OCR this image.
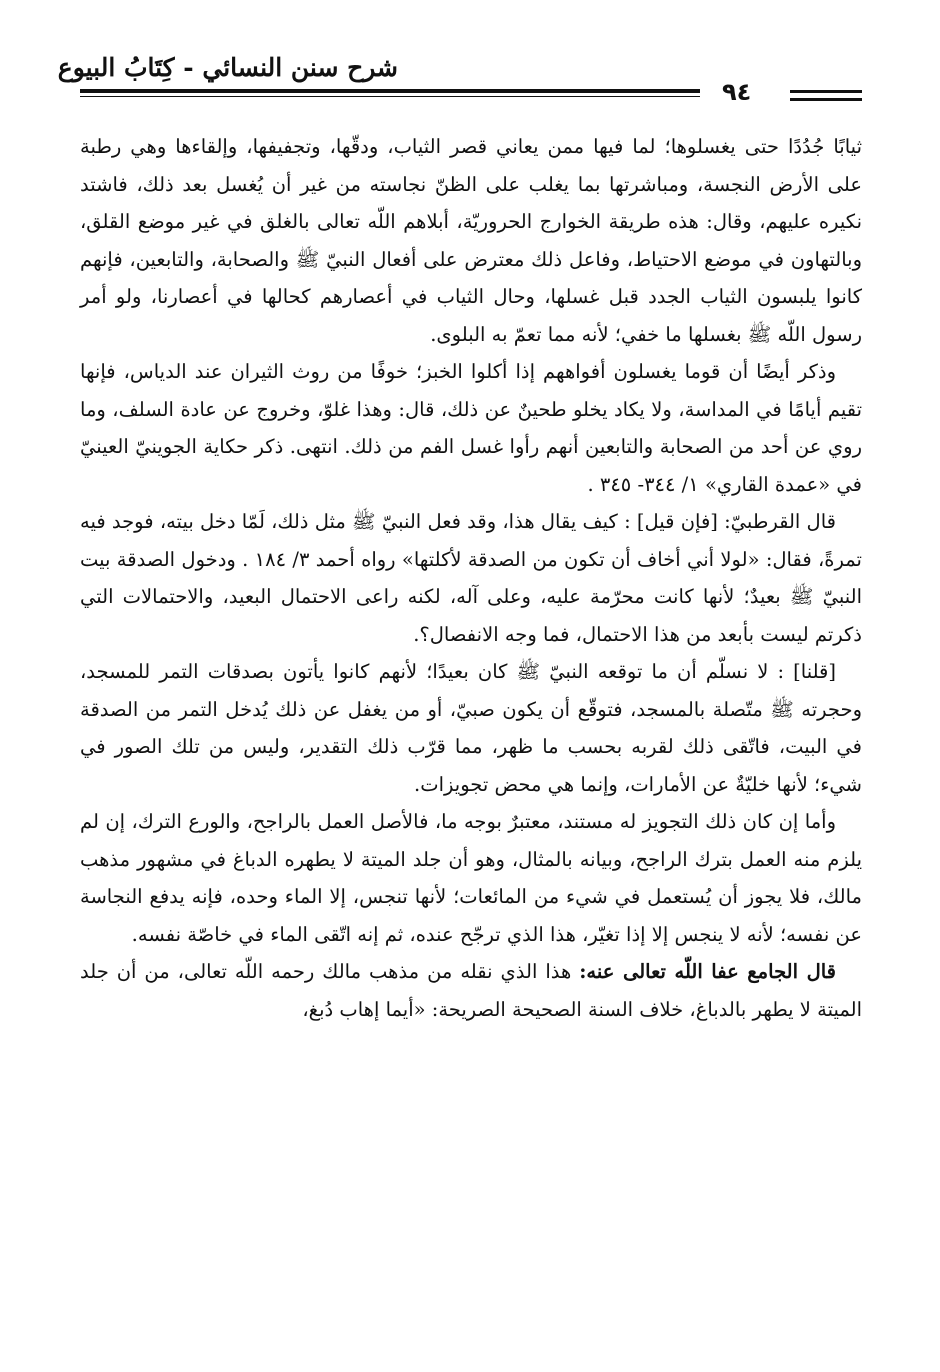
شرح سنن النسائي - كِتَابُ البيوع
٩٤

ثيابًا جُدُدًا حتى يغسلوها؛ لما فيها ممن يعاني قصر الثياب، ودقّها، وتجفيفها، وإلقاءها وهي رطبة على الأرض النجسة، ومباشرتها بما يغلب على الظنّ نجاسته من غير أن يُغسل بعد ذلك، فاشتد نكيره عليهم، وقال: هذه طريقة الخوارج الحروريّة، أبلاهم اللّه تعالى بالغلق في غير موضع القلق، وبالتهاون في موضع الاحتياط، وفاعل ذلك معترض على أفعال النبيّ ﷺ والصحابة، والتابعين، فإنهم كانوا يلبسون الثياب الجدد قبل غسلها، وحال الثياب في أعصارهم كحالها في أعصارنا، ولو أمر رسول اللّه ﷺ بغسلها ما خفي؛ لأنه مما تعمّ به البلوى.

وذكر أيضًا أن قوما يغسلون أفواههم إذا أكلوا الخبز؛ خوفًا من روث الثيران عند الدياس، فإنها تقيم أيامًا في المداسة، ولا يكاد يخلو طحينٌ عن ذلك، قال: وهذا غلوّ، وخروج عن عادة السلف، وما روي عن أحد من الصحابة والتابعين أنهم رأوا غسل الفم من ذلك. انتهى. ذكر حكاية الجوينيّ العينيّ في «عمدة القاري» ١/ ٣٤٤- ٣٤٥ .

قال القرطبيّ: [فإن قيل] : كيف يقال هذا، وقد فعل النبيّ ﷺ مثل ذلك، لَمّا دخل بيته، فوجد فيه تمرةً، فقال: «لولا أني أخاف أن تكون من الصدقة لأكلتها» رواه أحمد ٣/ ١٨٤ . ودخول الصدقة بيت النبيّ ﷺ بعيدٌ؛ لأنها كانت محرّمة عليه، وعلى آله، لكنه راعى الاحتمال البعيد، والاحتمالات التي ذكرتم ليست بأبعد من هذا الاحتمال، فما وجه الانفصال؟.

[قلنا] : لا نسلّم أن ما توقعه النبيّ ﷺ كان بعيدًا؛ لأنهم كانوا يأتون بصدقات التمر للمسجد، وحجرته ﷺ متّصلة بالمسجد، فتوقّع أن يكون صبيّ، أو من يغفل عن ذلك يُدخل التمر من الصدقة في البيت، فاتّقى ذلك لقربه بحسب ما ظهر، مما قرّب ذلك التقدير، وليس من تلك الصور في شيء؛ لأنها خليّةٌ عن الأمارات، وإنما هي محض تجويزات.

وأما إن كان ذلك التجويز له مستند، معتبرٌ بوجه ما، فالأصل العمل بالراجح، والورع الترك، إن لم يلزم منه العمل بترك الراجح، وبيانه بالمثال، وهو أن جلد الميتة لا يطهره الدباغ في مشهور مذهب مالك، فلا يجوز أن يُستعمل في شيء من المائعات؛ لأنها تنجس، إلا الماء وحده، فإنه يدفع النجاسة عن نفسه؛ لأنه لا ينجس إلا إذا تغيّر، هذا الذي ترجّح عنده، ثم إنه اتّقى الماء في خاصّة نفسه.

قال الجامع عفا اللّه تعالى عنه: هذا الذي نقله من مذهب مالك رحمه اللّه تعالى، من أن جلد الميتة لا يطهر بالدباغ، خلاف السنة الصحيحة الصريحة: «أيما إهاب دُبغ،
